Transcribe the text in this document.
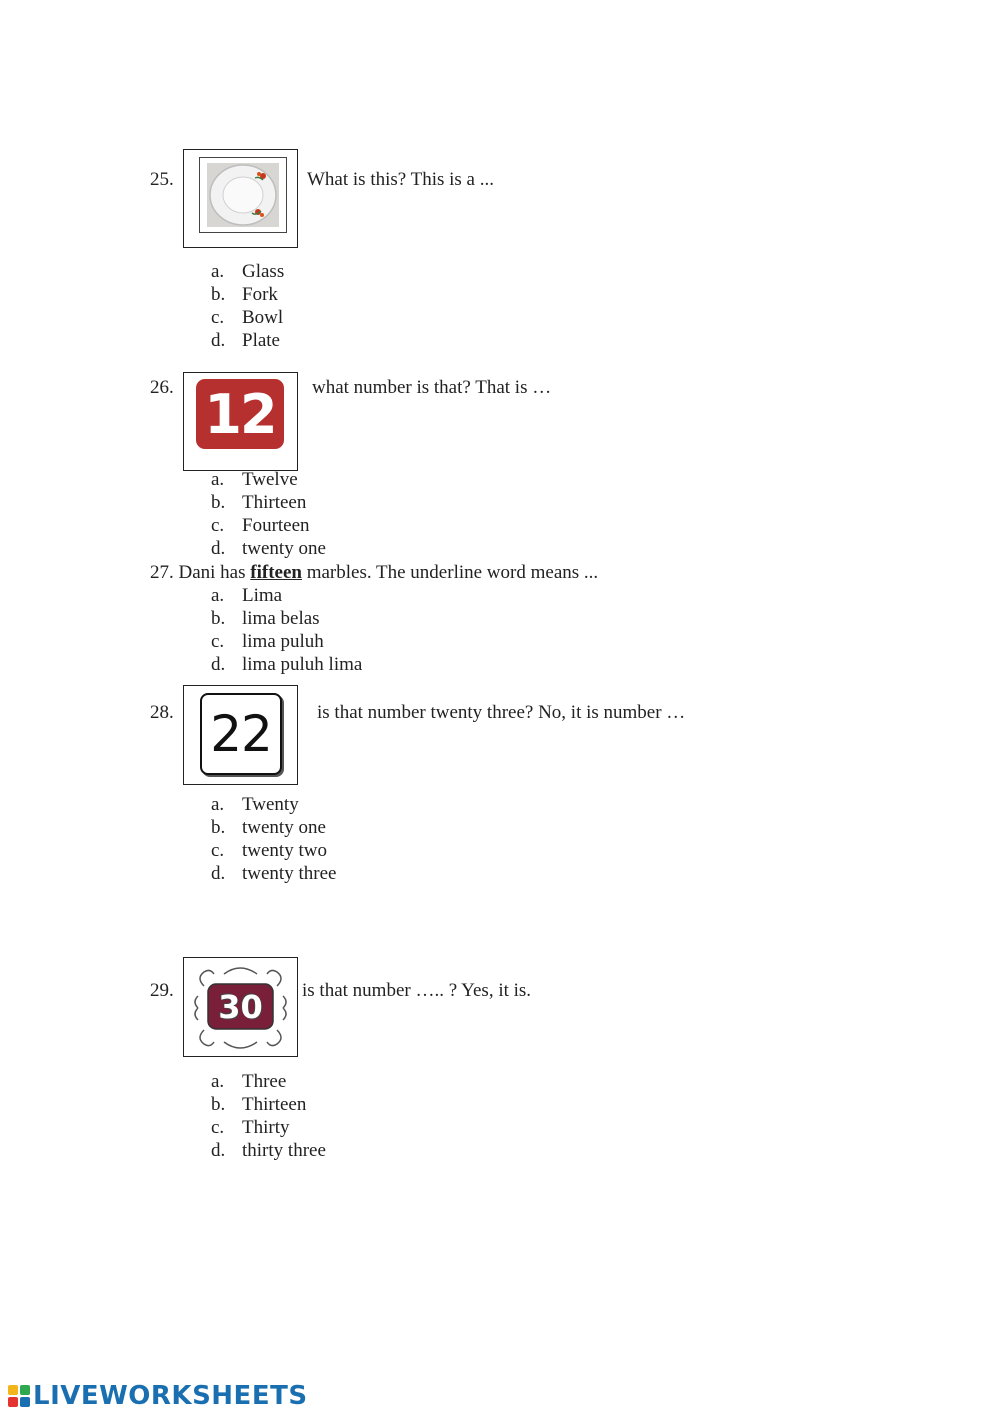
25.	What is this? This is a ...
a. Glass
b. Fork
c. Bowl
d. Plate
26. 12 what number is that? That is …
a. Twelve
b. Thirteen
c. Fourteen
d. twenty one
27. Dani has fifteen marbles. The underline word means ...
a. Lima
b. lima belas
c. lima puluh
d. lima puluh lima
28. 22 is that number twenty three? No, it is number …
a. Twenty
b. twenty one
c. twenty two
d. twenty three
29.	30	is that number ….. ? Yes, it is.
a. Three
b. Thirteen
c. Thirty
d. thirty three
LIVEWORKSHEETS
